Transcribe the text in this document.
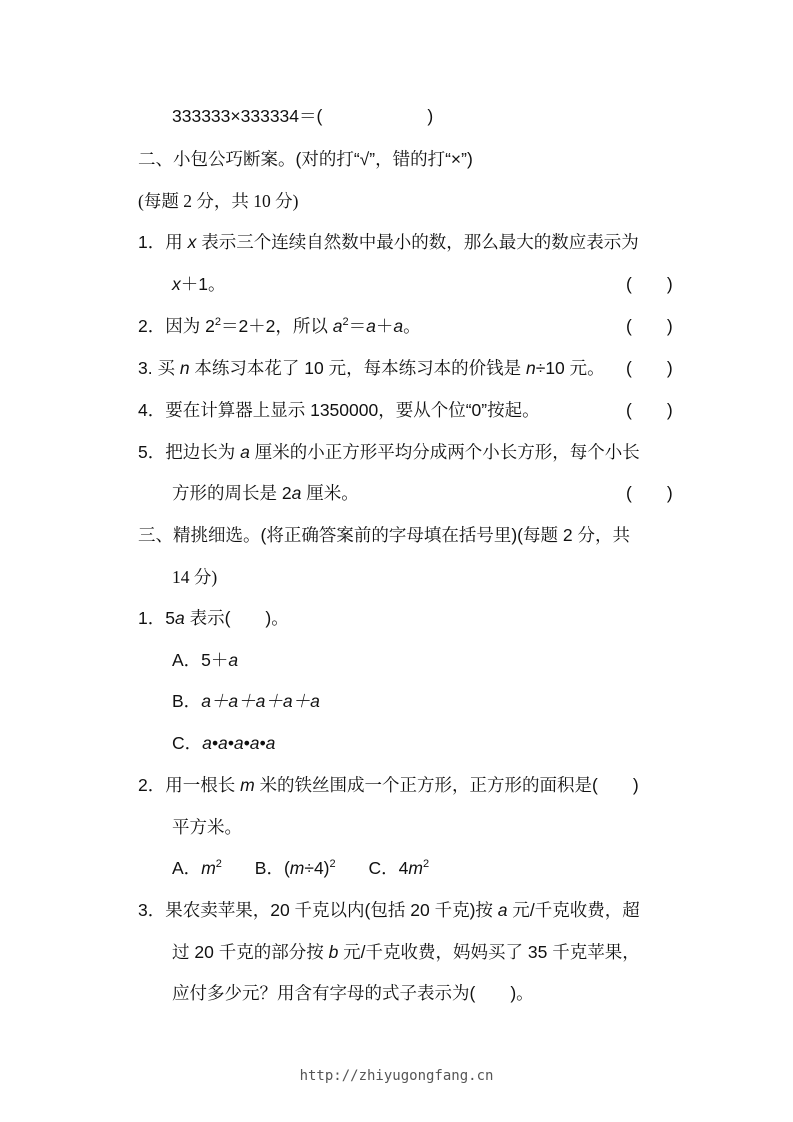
333333×333334＝(　　　　　　)
二、小包公巧断案。(对的打“√”，错的打“×”)
(每题 2 分，共 10 分)
1．用 x 表示三个连续自然数中最小的数，那么最大的数应表示为
x＋1。	(　　)
2．因为 $2^2=2+2$，所以 $a^2=a+a$。	(　　)
3. 买 n 本练习本花了 10 元，每本练习本的价钱是 n÷10 元。 (　　)
4．要在计算器上显示 1350000，要从个位“0”按起。	(　　)
5．把边长为 a 厘米的小正方形平均分成两个小长方形，每个小长
方形的周长是 2a 厘米。	(　　)
三、精挑细选。(将正确答案前的字母填在括号里)(每题 2 分，共
14 分)
1．5a 表示(　　)。
A．5＋a
B．a＋a＋a＋a＋a
C．a•a•a•a•a
2．用一根长 m 米的铁丝围成一个正方形，正方形的面积是(　　)
平方米。
A．$m^2$ B．$(m\div 4)^2$ C．$4m^2$
3．果农卖苹果，20 千克以内(包括 20 千克)按 a 元/千克收费，超
过 20 千克的部分按 b 元/千克收费，妈妈买了 35 千克苹果，
应付多少元？用含有字母的式子表示为(　　)。
http://zhiyugongfang.cn
